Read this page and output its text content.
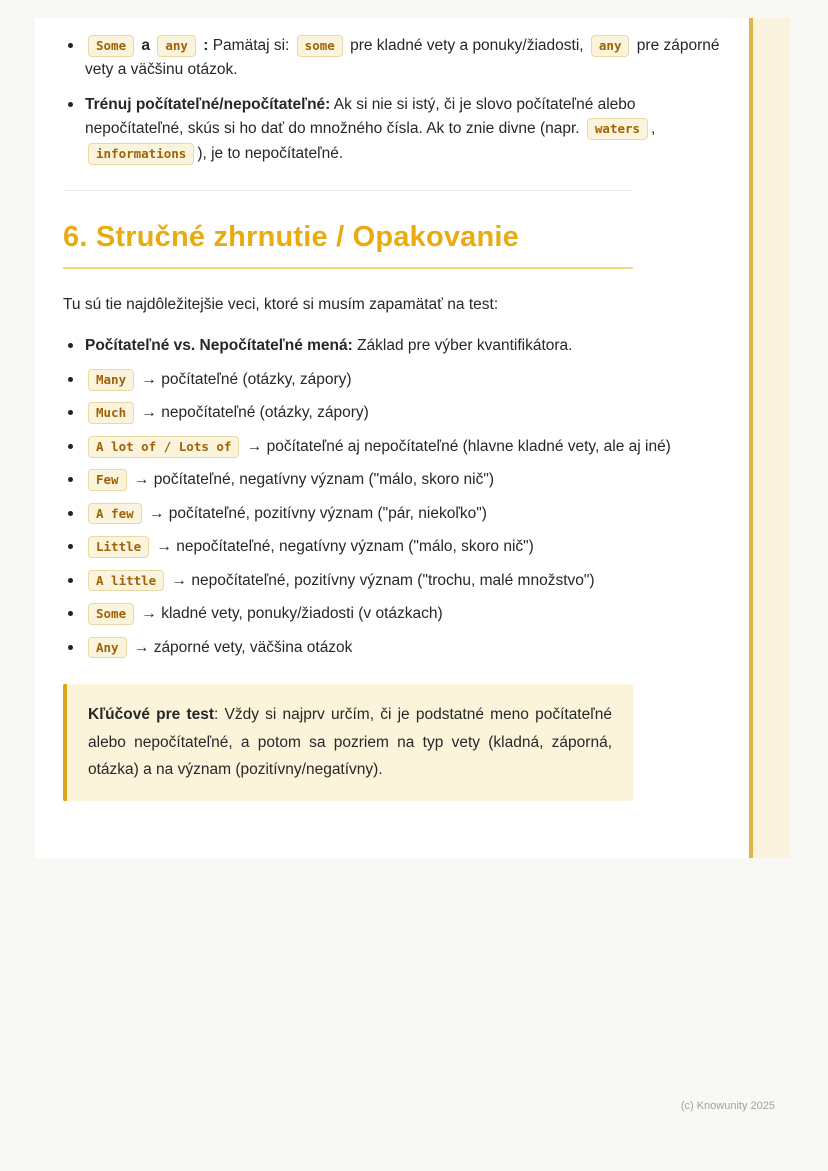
Some a any : Pamätaj si: some pre kladné vety a ponuky/žiadosti, any pre záporné vety a väčšinu otázok.
Trénuj počítateľné/nepočítateľné: Ak si nie si istý, či je slovo počítateľné alebo nepočítateľné, skús si ho dať do množného čísla. Ak to znie divne (napr. waters , informations ), je to nepočítateľné.
6. Stručné zhrnutie / Opakovanie

Tu sú tie najdôležitejšie veci, ktoré si musím zapamätať na test:

Počítateľné vs. Nepočítateľné mená: Základ pre výber kvantifikátora.
Many → počítateľné (otázky, zápory)
Much → nepočítateľné (otázky, zápory)
A lot of / Lots of → počítateľné aj nepočítateľné (hlavne kladné vety, ale aj iné)
Few → počítateľné, negatívny význam ("málo, skoro nič")
A few → počítateľné, pozitívny význam ("pár, niekoľko")
Little → nepočítateľné, negatívny význam ("málo, skoro nič")
A little → nepočítateľné, pozitívny význam ("trochu, malé množstvo")
Some → kladné vety, ponuky/žiadosti (v otázkach)
Any → záporné vety, väčšina otázok
Kľúčové pre test: Vždy si najprv určím, či je podstatné meno počítateľné alebo nepočítateľné, a potom sa pozriem na typ vety (kladná, záporná, otázka) a na význam (pozitívny/negatívny).
(c) Knowunity 2025
